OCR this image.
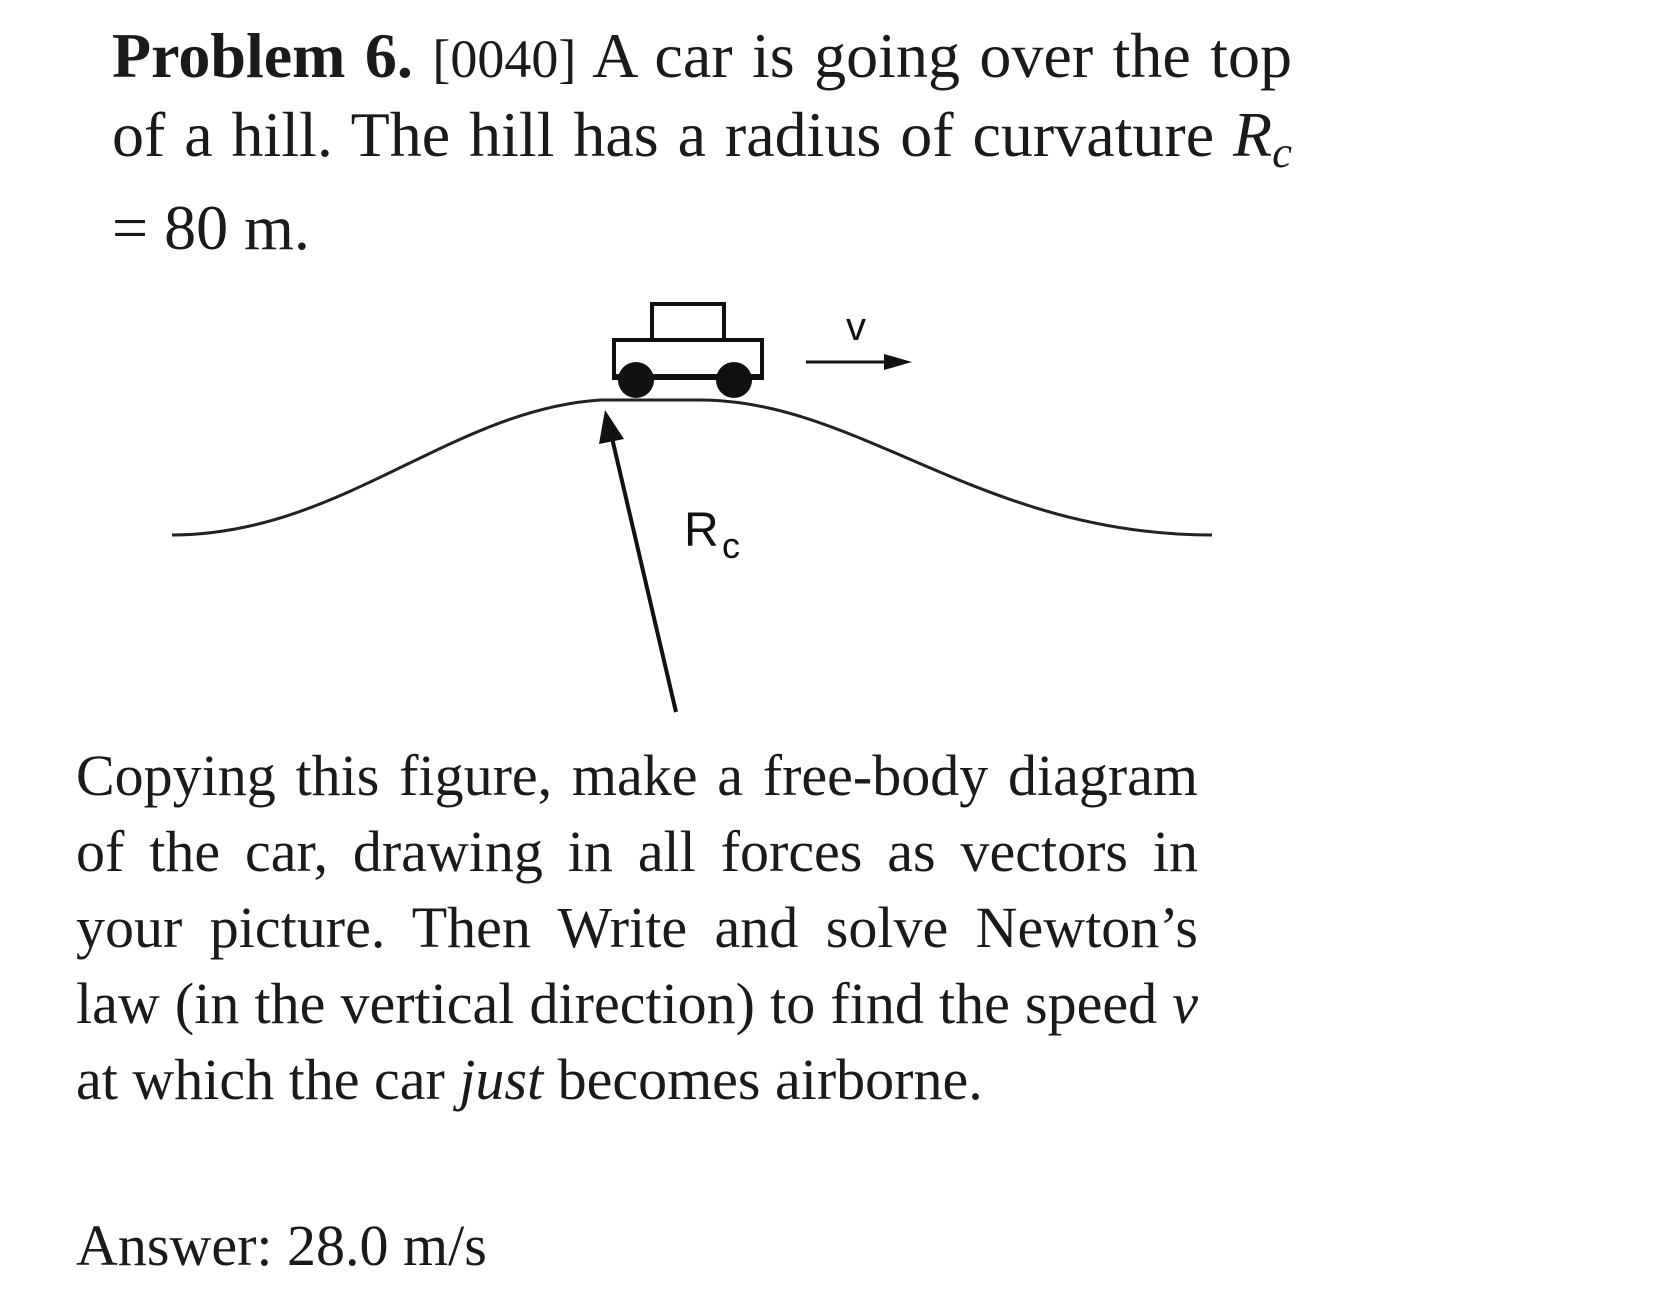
Problem 6. [0040] A car is going over the top of a hill. The hill has a radius of curvature $R_c = 80$ m.
v
R c
Copying this figure, make a free-body diagram of the car, drawing in all forces as vectors in your picture. Then Write and solve Newton’s law (in the vertical direction) to find the speed v at which the car just becomes airborne.
Answer: 28.0 m/s
